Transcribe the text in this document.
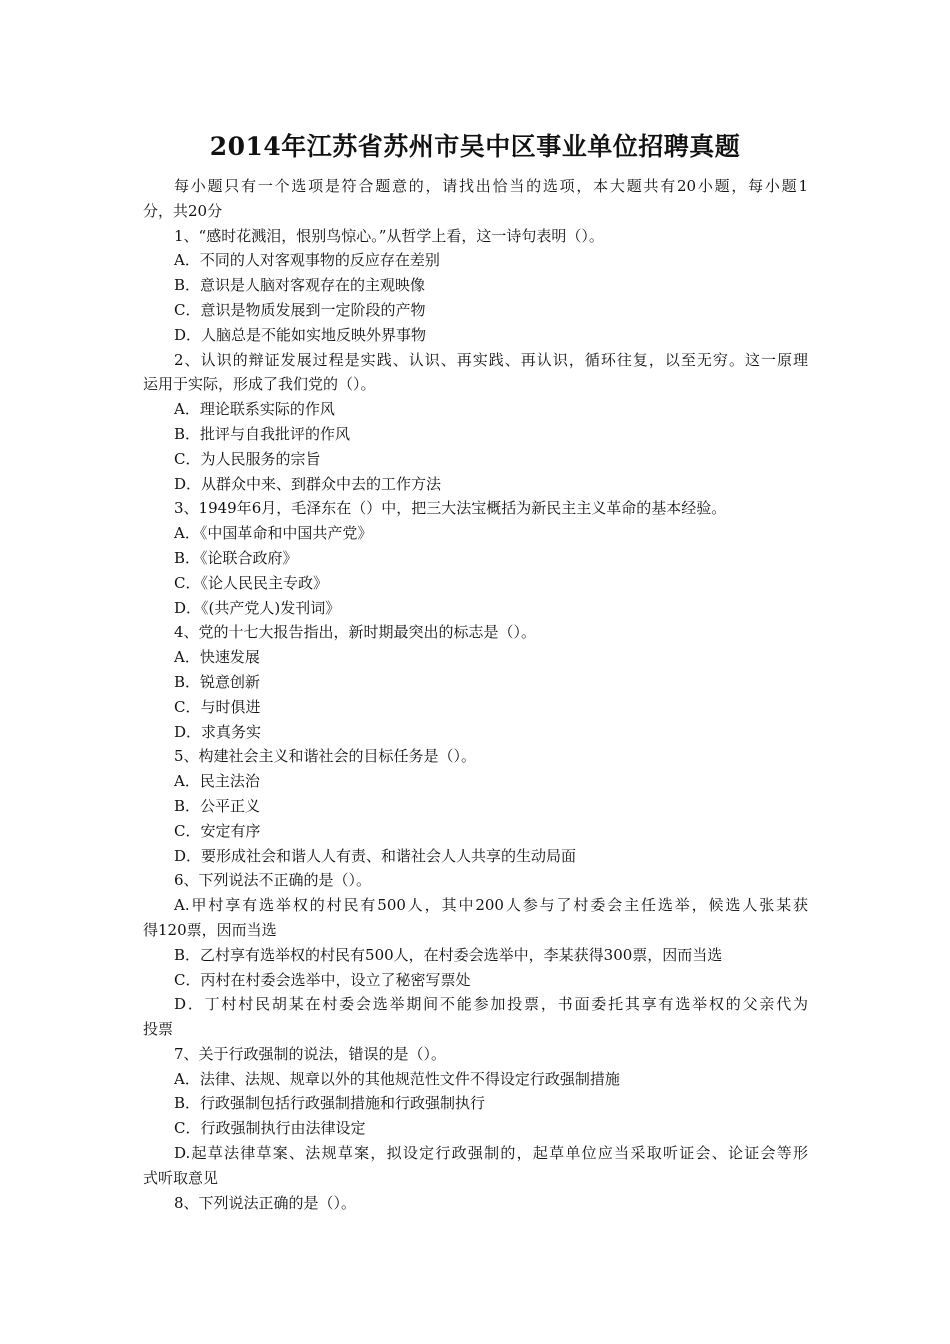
2014年江苏省苏州市吴中区事业单位招聘真题
每小题只有一个选项是符合题意的，请找出恰当的选项，本大题共有20小题，每小题1
分，共20分
1、“感时花溅泪，恨别鸟惊心。”从哲学上看，这一诗句表明（）。
A．不同的人对客观事物的反应存在差别
B．意识是人脑对客观存在的主观映像
C．意识是物质发展到一定阶段的产物
D．人脑总是不能如实地反映外界事物
2、认识的辩证发展过程是实践、认识、再实践、再认识，循环往复，以至无穷。这一原理
运用于实际，形成了我们党的（）。
A．理论联系实际的作风
B．批评与自我批评的作风
C．为人民服务的宗旨
D．从群众中来、到群众中去的工作方法
3、1949年6月，毛泽东在（）中，把三大法宝概括为新民主主义革命的基本经验。
A．《中国革命和中国共产党》
B．《论联合政府》
C．《论人民民主专政》
D．《(共产党人)发刊词》
4、党的十七大报告指出，新时期最突出的标志是（）。
A．快速发展
B．锐意创新
C．与时俱进
D．求真务实
5、构建社会主义和谐社会的目标任务是（）。
A．民主法治
B．公平正义
C．安定有序
D．要形成社会和谐人人有责、和谐社会人人共享的生动局面
6、下列说法不正确的是（）。
A.甲村享有选举权的村民有500人，其中200人参与了村委会主任选举，候选人张某获
得120票，因而当选
B．乙村享有选举权的村民有500人，在村委会选举中，李某获得300票，因而当选
C．丙村在村委会选举中，设立了秘密写票处
D．丁村村民胡某在村委会选举期间不能参加投票，书面委托其享有选举权的父亲代为
投票
7、关于行政强制的说法，错误的是（）。
A．法律、法规、规章以外的其他规范性文件不得设定行政强制措施
B．行政强制包括行政强制措施和行政强制执行
C．行政强制执行由法律设定
D.起草法律草案、法规草案，拟设定行政强制的，起草单位应当采取听证会、论证会等形
式听取意见
8、下列说法正确的是（）。
